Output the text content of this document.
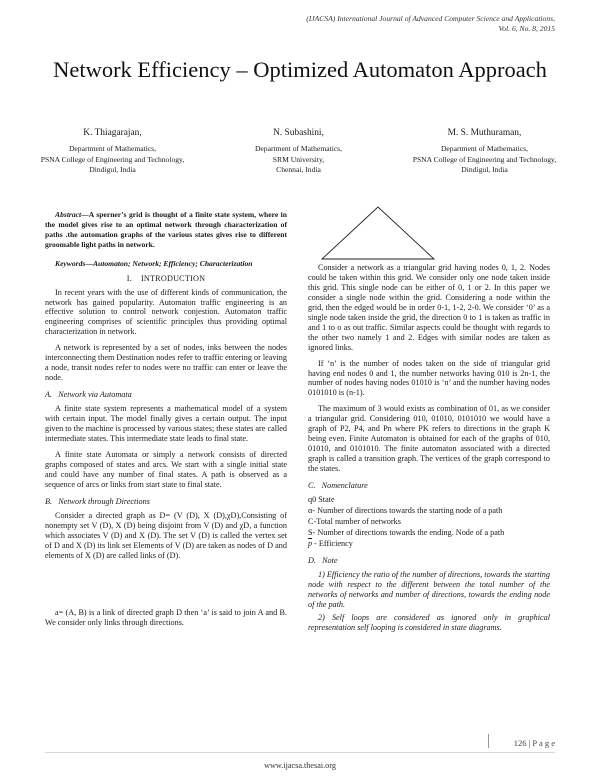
(IJACSA) International Journal of Advanced Computer Science and Applications,
Vol. 6, No. 8, 2015
Network Efficiency – Optimized Automaton Approach
K. Thiagarajan,
Department of Mathematics,
PSNA College of Engineering and Technology,
Dindigul, India
N. Subashini,
Department of Mathematics,
SRM University,
Chennai, India
M. S. Muthuraman,
Department of Mathematics,
PSNA College of Engineering and Technology,
Dindigul, India
Abstract—A sperner’s grid is thought of a finite state system, where in the model gives rise to an optimal network through characterization of paths .the automation graphs of the various states gives rise to different groomable light paths in network.
Keywords—Automaton; Network; Efficiency; Characterization
I.    INTRODUCTION

In recent years with the use of different kinds of communication, the network has gained popularity. Automaton traffic engineering is an effective solution to control network conjestion. Automaton traffic engineering comprises of scientific principles thus providing optimal characterization in network.

A network is represented by a set of nodes, inks between the nodes interconnecting them Destination nodes refer to traffic entering or leaving a node, transit nodes refer to nodes were no traffic can enter or leave the node.

A.   Network via Automata

A finite state system represents a mathematical model of a system with certain input. The model finally gives a certain output. The input given to the machine is processed by various states; these states are called intermediate states. This intermediate state leads to final state.

A finite state Automata or simply a network consists of directed graphs composed of states and arcs. We start with a single initial state and could have any number of final states. A path is observed as a sequence of arcs or links from start state to final state.

B.   Network through Directions

Consider a directed graph as D= (V (D), X (D),χD),Consisting of nonempty set V (D), X (D) being disjoint from V (D) and χD, a function which associates V (D) and X (D). The set V (D) is called the vertex set of D and X (D) its link set Elements of V (D) are taken as nodes of D and elements of X (D) are called links of (D).

a= (A, B) is a link of directed graph D then ‘a’ is said to join A and B. We consider only links through directions.

Consider a network as a triangular grid having nodes 0, 1, 2. Nodes could be taken within this grid. We consider only one node taken inside this grid. This single node can be either of 0, 1 or 2. In this paper we consider a single node within the grid. Considering a node within the grid, then the edged would be in order 0-1, 1-2, 2-0. We consider ‘0’ as a single node taken inside the grid, the direction 0 to 1 is taken as traffic in and 1 to o as out traffic. Similar aspects could be thought with regards to the other two namely 1 and 2. Edges with similar nodes are taken as ignored links.

If ‘n’ is the number of nodes taken on the side of triangular grid having end nodes 0 and 1, the number networks having 010 is 2n-1, the number of nodes having nodes 01010 is ‘n’ and the number having nodes 0101010 is (n-1).

The maximum of 3 would exists as combination of 01, as we consider a triangular grid. Considering 010, 01010, 0101010 we would have a graph of P2, P4, and Pn where PK refers to directions in the graph K being even. Finite Automaton is obtained for each of the graphs of 010, 01010, and 0101010. The finite automaton associated with a directed graph is called a transition graph. The vertices of the graph correspond to the states.

C.   Nomenclature

q0 State

α- Number of directions towards the starting node of a path

C-Total number of networks

S- Number of directions towards the ending. Node of a path

$\overline{p}$ - Efficiency

D.   Note

1) Efficiency the ratio of the number of directions, towards the starting node with respect to the different between the total number of the networks of networks and number of directions, towards the ending node of the path.

2) Self loops are considered as ignored only in graphical representation self looping is considered in state diagrams.

126 | P a g e
www.ijacsa.thesai.org
